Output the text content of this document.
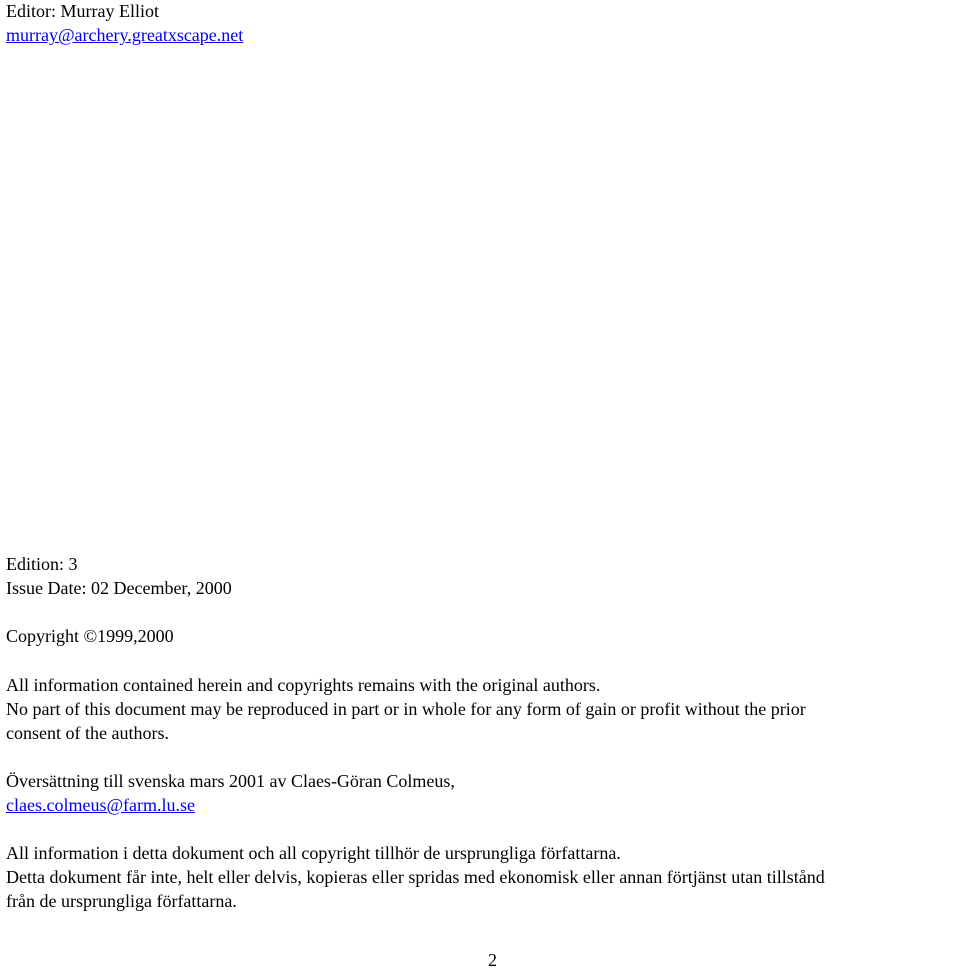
Editor: Murray Elliot
murray@archery.greatxscape.net
Edition: 3
Issue Date: 02 December, 2000
Copyright ©1999,2000
All information contained herein and copyrights remains with the original authors.
No part of this document may be reproduced in part or in whole for any form of gain or profit without the prior
consent of the authors.
Översättning till svenska mars 2001 av Claes-Göran Colmeus,
claes.colmeus@farm.lu.se
All information i detta dokument och all copyright tillhör de ursprungliga författarna.
Detta dokument får inte, helt eller delvis, kopieras eller spridas med ekonomisk eller annan förtjänst utan tillstånd
från de ursprungliga författarna.
2
